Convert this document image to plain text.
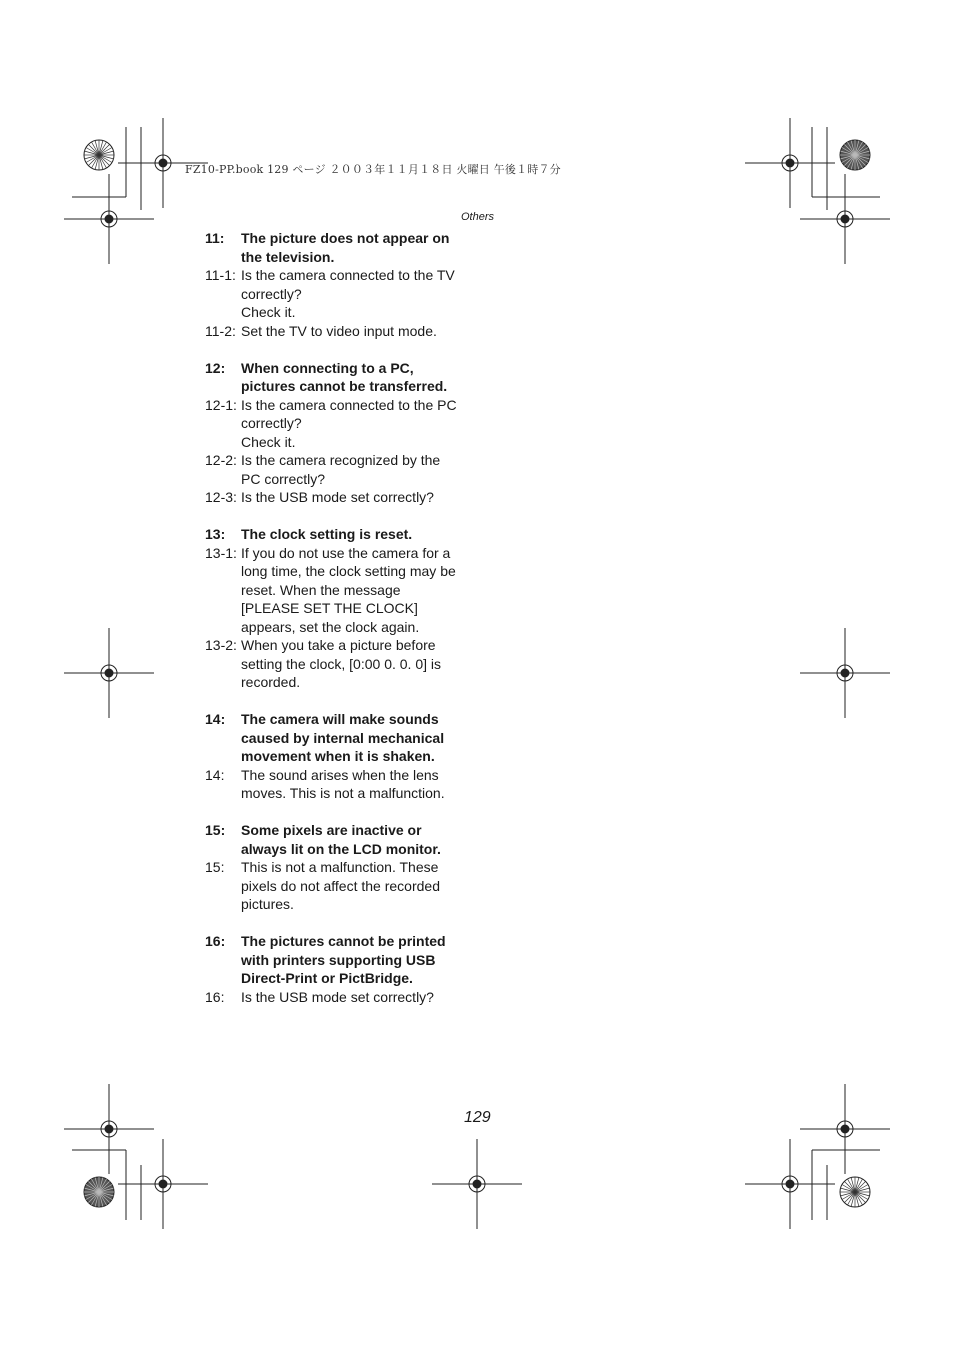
FZ10-PP.book 129 ページ ２００３年１１月１８日 火曜日 午後１時７分
Others
11:	The picture does not appear on
the television.
11-1: Is the camera connected to the TV
correctly?
Check it.
11-2: Set the TV to video input mode.
12:	When connecting to a PC,
pictures cannot be transferred.
12-1: Is the camera connected to the PC
correctly?
Check it.
12-2: Is the camera recognized by the
PC correctly?
12-3: Is the USB mode set correctly?
13:	The clock setting is reset.
13-1: If you do not use the camera for a
long time, the clock setting may be
reset. When the message
[PLEASE SET THE CLOCK]
appears, set the clock again.
13-2: When you take a picture before
setting the clock, [0:00 0. 0. 0] is
recorded.
14:	The camera will make sounds
caused by internal mechanical
movement when it is shaken.
14:	The sound arises when the lens
moves. This is not a malfunction.
15:	Some pixels are inactive or
always lit on the LCD monitor.
15:	This is not a malfunction. These
pixels do not affect the recorded
pictures.
16:	The pictures cannot be printed
with printers supporting USB
Direct-Print or PictBridge.
16:	Is the USB mode set correctly?
129
